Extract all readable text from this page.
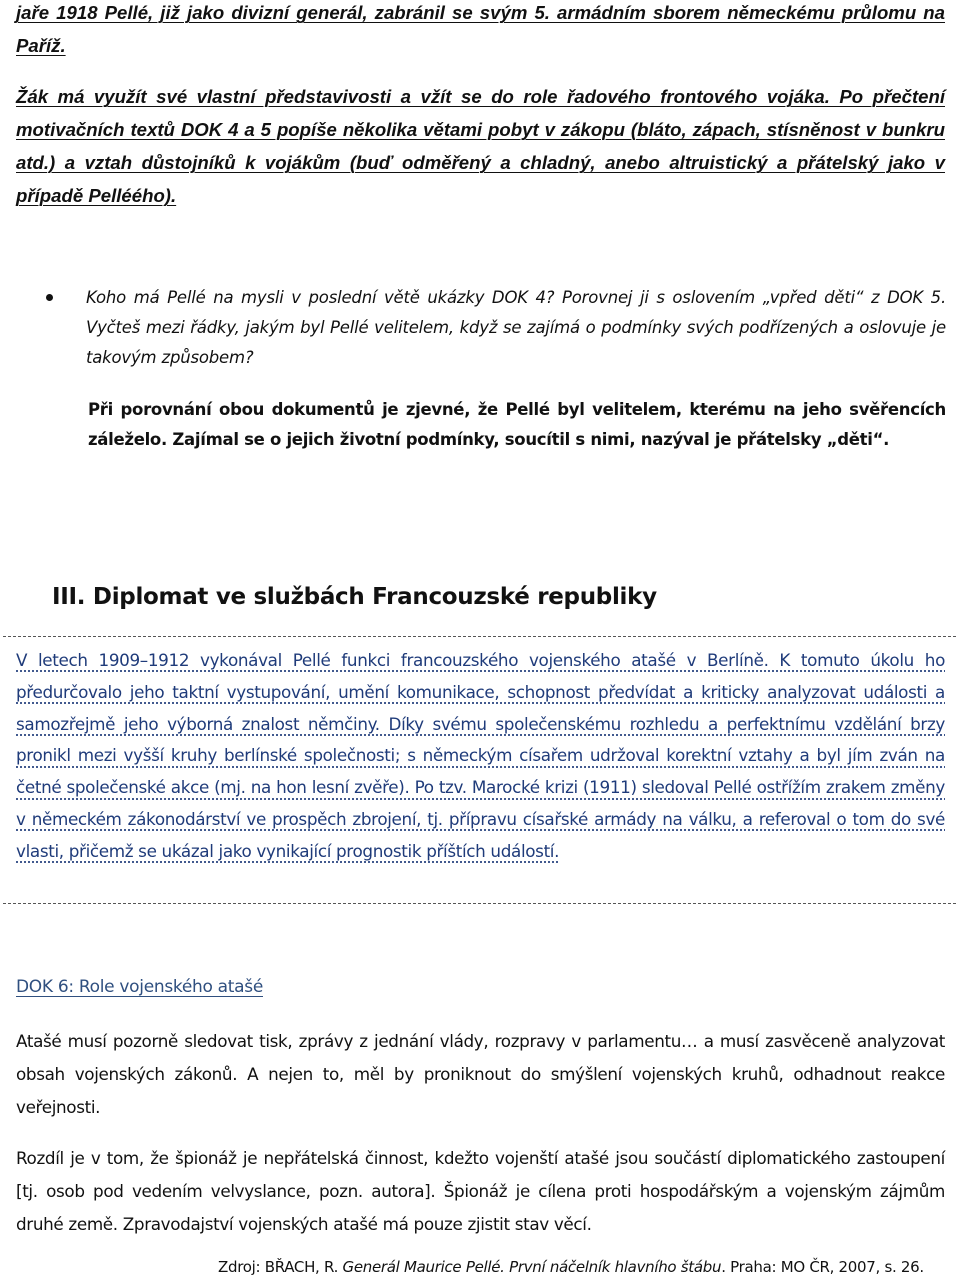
jaře 1918 Pellé, již jako divizní generál, zabránil se svým 5. armádním sborem německému průlomu na Paříž.

Žák má využít své vlastní představivosti a vžít se do role řadového frontového vojáka. Po přečtení motivačních textů DOK 4 a 5 popíše několika větami pobyt v zákopu (bláto, zápach, stísněnost v bunkru atd.) a vztah důstojníků k vojákům (buď odměřený a chladný, anebo altruistický a přátelský jako v případě Pelléého).

Koho má Pellé na mysli v poslední větě ukázky DOK 4? Porovnej ji s oslovením „vpřed děti“ z DOK 5. Vyčteš mezi řádky, jakým byl Pellé velitelem, když se zajímá o podmínky svých podřízených a oslovuje je takovým způsobem?

Při porovnání obou dokumentů je zjevné, že Pellé byl velitelem, kterému na jeho svěřencích záleželo. Zajímal se o jejich životní podmínky, soucítil s nimi, nazýval je přátelsky „děti“.

III. Diplomat ve službách Francouzské republiky

V letech 1909–1912 vykonával Pellé funkci francouzského vojenského atašé v Berlíně. K tomuto úkolu ho předurčovalo jeho taktní vystupování, umění komunikace, schopnost předvídat a kriticky analyzovat události a samozřejmě jeho výborná znalost němčiny. Díky svému společenskému rozhledu a perfektnímu vzdělání brzy pronikl mezi vyšší kruhy berlínské společnosti; s německým císařem udržoval korektní vztahy a byl jím zván na četné společenské akce (mj. na hon lesní zvěře). Po tzv. Marocké krizi (1911) sledoval Pellé ostřížím zrakem změny v německém zákonodárství ve prospěch zbrojení, tj. přípravu císařské armády na válku, a referoval o tom do své vlasti, přičemž se ukázal jako vynikající prognostik příštích událostí.

DOK 6: Role vojenského atašé

Atašé musí pozorně sledovat tisk, zprávy z jednání vlády, rozpravy v parlamentu… a musí zasvěceně analyzovat obsah vojenských zákonů. A nejen to, měl by proniknout do smýšlení vojenských kruhů, odhadnout reakce veřejnosti.

Rozdíl je v tom, že špionáž je nepřátelská činnost, kdežto vojenští atašé jsou součástí diplomatického zastoupení [tj. osob pod vedením velvyslance, pozn. autora]. Špionáž je cílena proti hospodářským a vojenským zájmům druhé země. Zpravodajství vojenských atašé má pouze zjistit stav věcí.

Zdroj: BŘACH, R. Generál Maurice Pellé. První náčelník hlavního štábu. Praha: MO ČR, 2007, s. 26.
